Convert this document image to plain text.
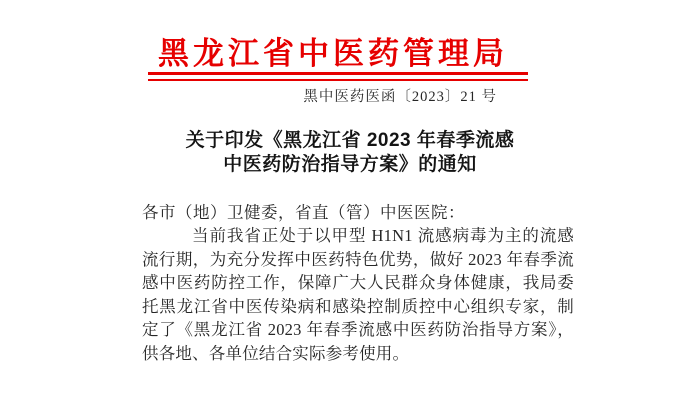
黑龙江省中医药管理局
黑中医药医函〔2023〕21 号
关于印发《黑龙江省 2023 年春季流感
中医药防治指导方案》的通知
各市（地）卫健委，省直（管）中医医院：
当前我省正处于以甲型 H1N1 流感病毒为主的流感流行期，为充分发挥中医药特色优势，做好 2023 年春季流感中医药防控工作，保障广大人民群众身体健康，我局委托黑龙江省中医传染病和感染控制质控中心组织专家，制定了《黑龙江省 2023 年春季流感中医药防治指导方案》，供各地、各单位结合实际参考使用。
